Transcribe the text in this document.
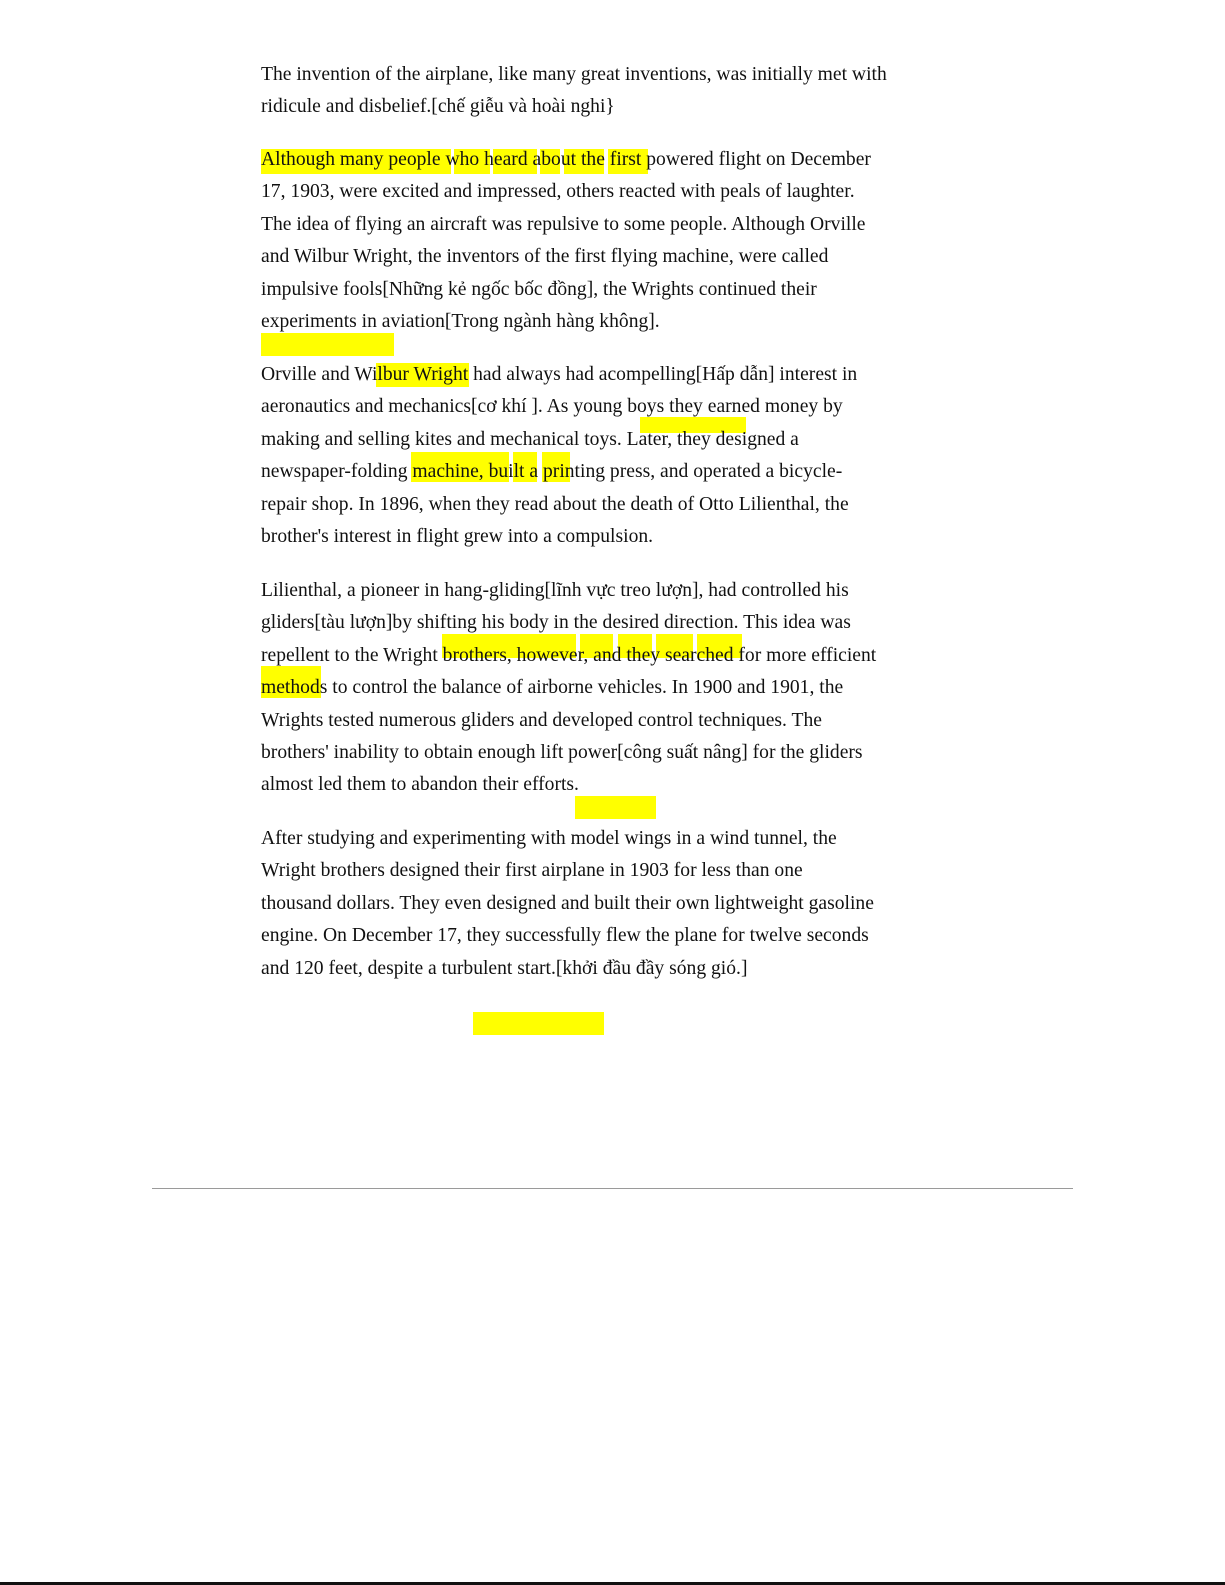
The invention of the airplane, like many great inventions, was initially met with
ridicule and disbelief.[chế giễu và hoài nghi}

Although many people who heard about the first powered flight on December
17, 1903, were excited and impressed, others reacted with peals of laughter.
The idea of flying an aircraft was repulsive to some people. Although Orville
and Wilbur Wright, the inventors of the first flying machine, were called
impulsive fools[Những kẻ ngốc bốc đồng], the Wrights continued their
experiments in aviation[Trong ngành hàng không].

Orville and Wilbur Wright had always had acompelling[Hấp dẫn] interest in
aeronautics and mechanics[cơ khí ]. As young boys they earned money by
making and selling kites and mechanical toys. Later, they designed a
newspaper-folding machine, built a printing press, and operated a bicycle-
repair shop. In 1896, when they read about the death of Otto Lilienthal, the
brother's interest in flight grew into a compulsion.

Lilienthal, a pioneer in hang-gliding[lĩnh vực treo lượn], had controlled his
gliders[tàu lượn]by shifting his body in the desired direction. This idea was
repellent to the Wright brothers, however, and they searched for more efficient
methods to control the balance of airborne vehicles. In 1900 and 1901, the
Wrights tested numerous gliders and developed control techniques. The
brothers' inability to obtain enough lift power[công suất nâng] for the gliders
almost led them to abandon their efforts.

After studying and experimenting with model wings in a wind tunnel, the
Wright brothers designed their first airplane in 1903 for less than one
thousand dollars. They even designed and built their own lightweight gasoline
engine. On December 17, they successfully flew the plane for twelve seconds
and 120 feet, despite a turbulent start.[khởi đầu đầy sóng gió.]
